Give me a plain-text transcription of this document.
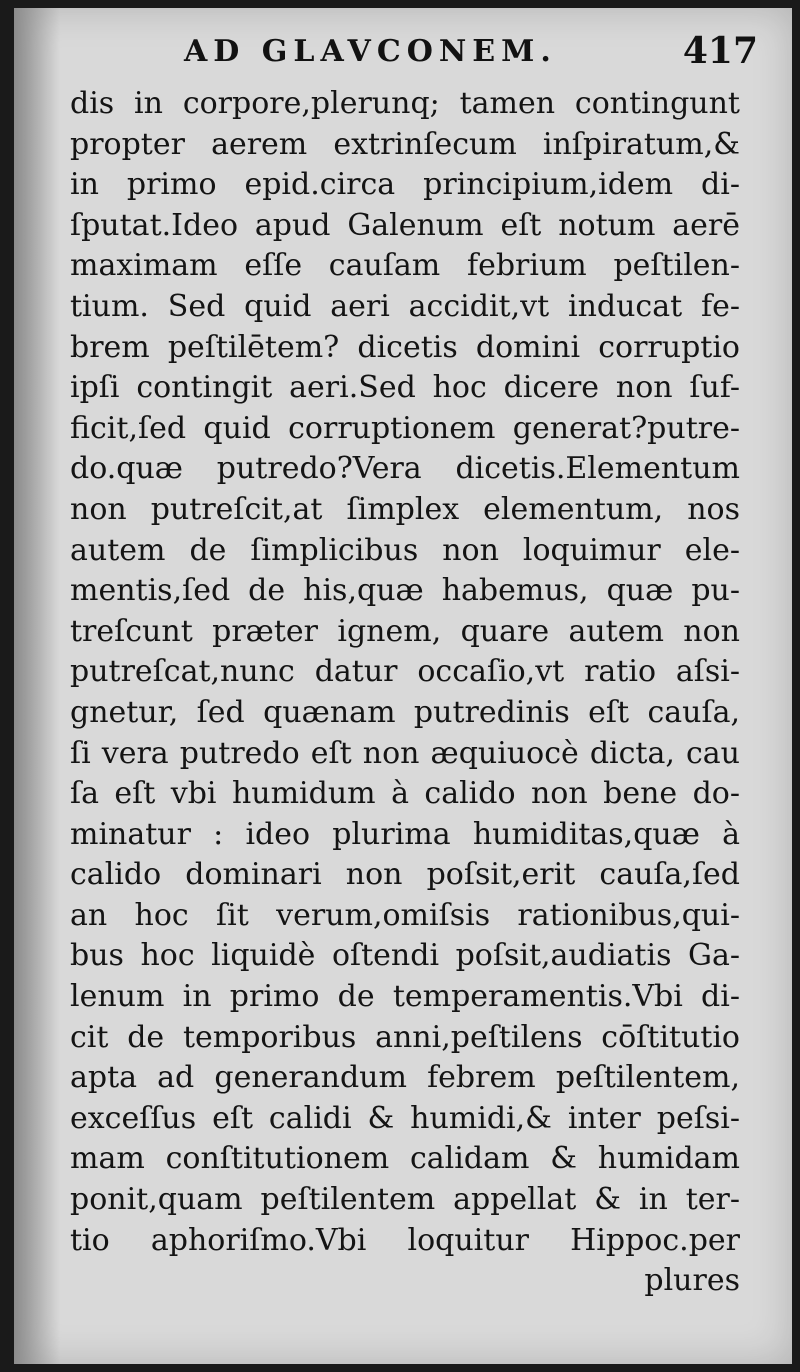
AD GLAVCONEM.	417
dis in corpore,plerunq; tamen contingunt
propter aerem extrinſecum inſpiratum,&
in primo epid.circa principium,idem di-
ſputat.Ideo apud Galenum eſt notum aerē
maximam eſſe cauſam febrium peſtilen-
tium. Sed quid aeri accidit,vt inducat fe-
brem peſtilētem? dicetis domini corruptio
ipſi contingit aeri.Sed hoc dicere non ſuf-
ficit,ſed quid corruptionem generat?putre-
do.quæ putredo?Vera dicetis.Elementum
non putreſcit,at ſimplex elementum, nos
autem de ſimplicibus non loquimur ele-
mentis,ſed de his,quæ habemus, quæ pu-
treſcunt præter ignem, quare autem non
putreſcat,nunc datur occaſio,vt ratio aſsi-
gnetur, ſed quænam putredinis eſt cauſa,
ſi vera putredo eſt non æquiuocè dicta, cau
ſa eſt vbi humidum à calido non bene do-
minatur : ideo plurima humiditas,quæ à
calido dominari non poſsit,erit cauſa,ſed
an hoc ſit verum,omiſsis rationibus,qui-
bus hoc liquidè oſtendi poſsit,audiatis Ga-
lenum in primo de temperamentis.Vbi di-
cit de temporibus anni,peſtilens cōſtitutio
apta ad generandum febrem peſtilentem,
exceſſus eſt calidi & humidi,& inter peſsi-
mam conſtitutionem calidam & humidam
ponit,quam peſtilentem appellat & in ter-
tio aphoriſmo.Vbi loquitur Hippoc.per
plures
